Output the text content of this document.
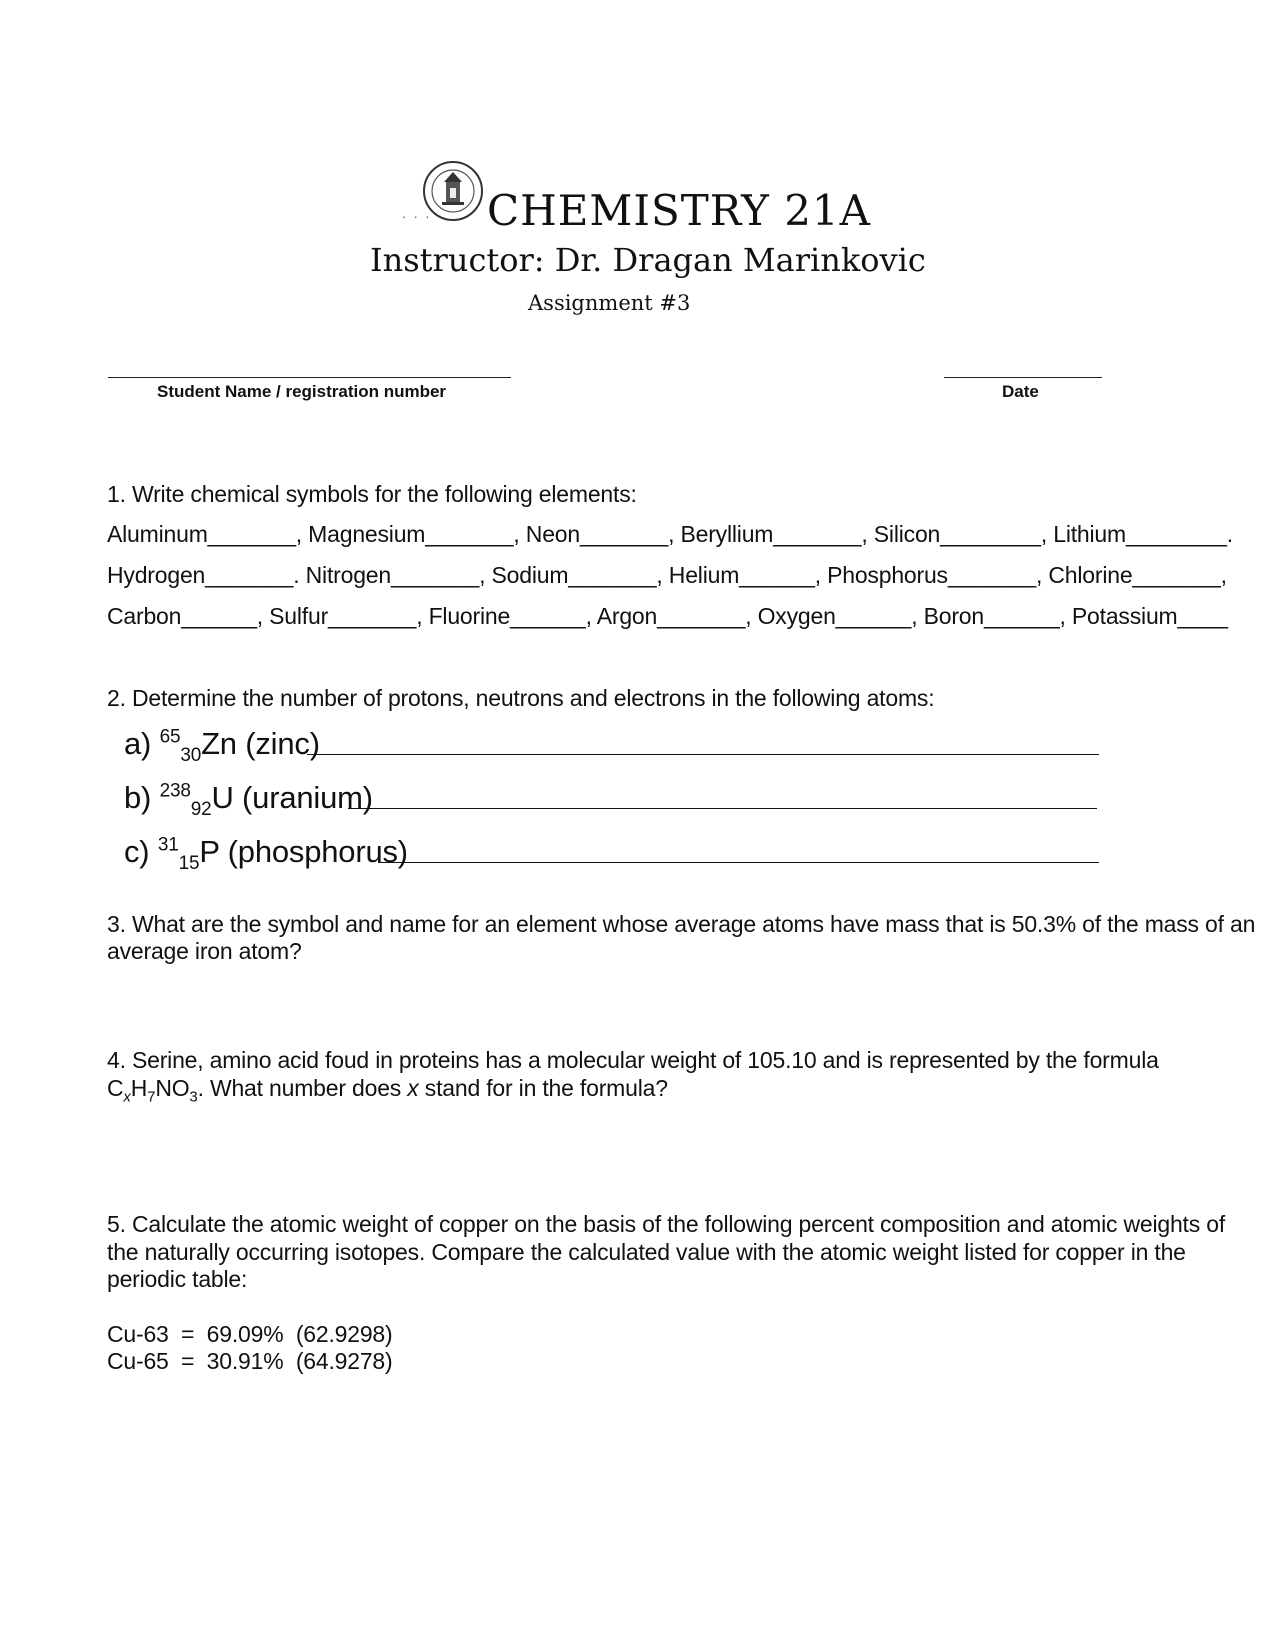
. . . CHEMISTRY 21A
Instructor: Dr. Dragan Marinkovic
Assignment #3
Student Name / registration number	Date
1. Write chemical symbols for the following elements:
Aluminum_______, Magnesium_______, Neon_______, Beryllium_______, Silicon________, Lithium________.
Hydrogen_______. Nitrogen_______, Sodium_______, Helium______, Phosphorus_______, Chlorine_______,
Carbon______, Sulfur_______, Fluorine______, Argon_______, Oxygen______, Boron______, Potassium____
2. Determine the number of protons, neutrons and electrons in the following atoms:
a) $^{65}_{30}$Zn (zinc)
b) $^{238}_{92}$U (uranium)
c) $^{31}_{15}$P (phosphorus)
3. What are the symbol and name for an element whose average atoms have mass that is 50.3% of the mass of an
average iron atom?
4. Serine, amino acid foud in proteins has a molecular weight of 105.10 and is represented by the formula
$C_xH_7NO_3$. What number does x stand for in the formula?
5. Calculate the atomic weight of copper on the basis of the following percent composition and atomic weights of
the naturally occurring isotopes. Compare the calculated value with the atomic weight listed for copper in the
periodic table:
Cu-63  =  69.09%  (62.9298)
Cu-65  =  30.91%  (64.9278)
